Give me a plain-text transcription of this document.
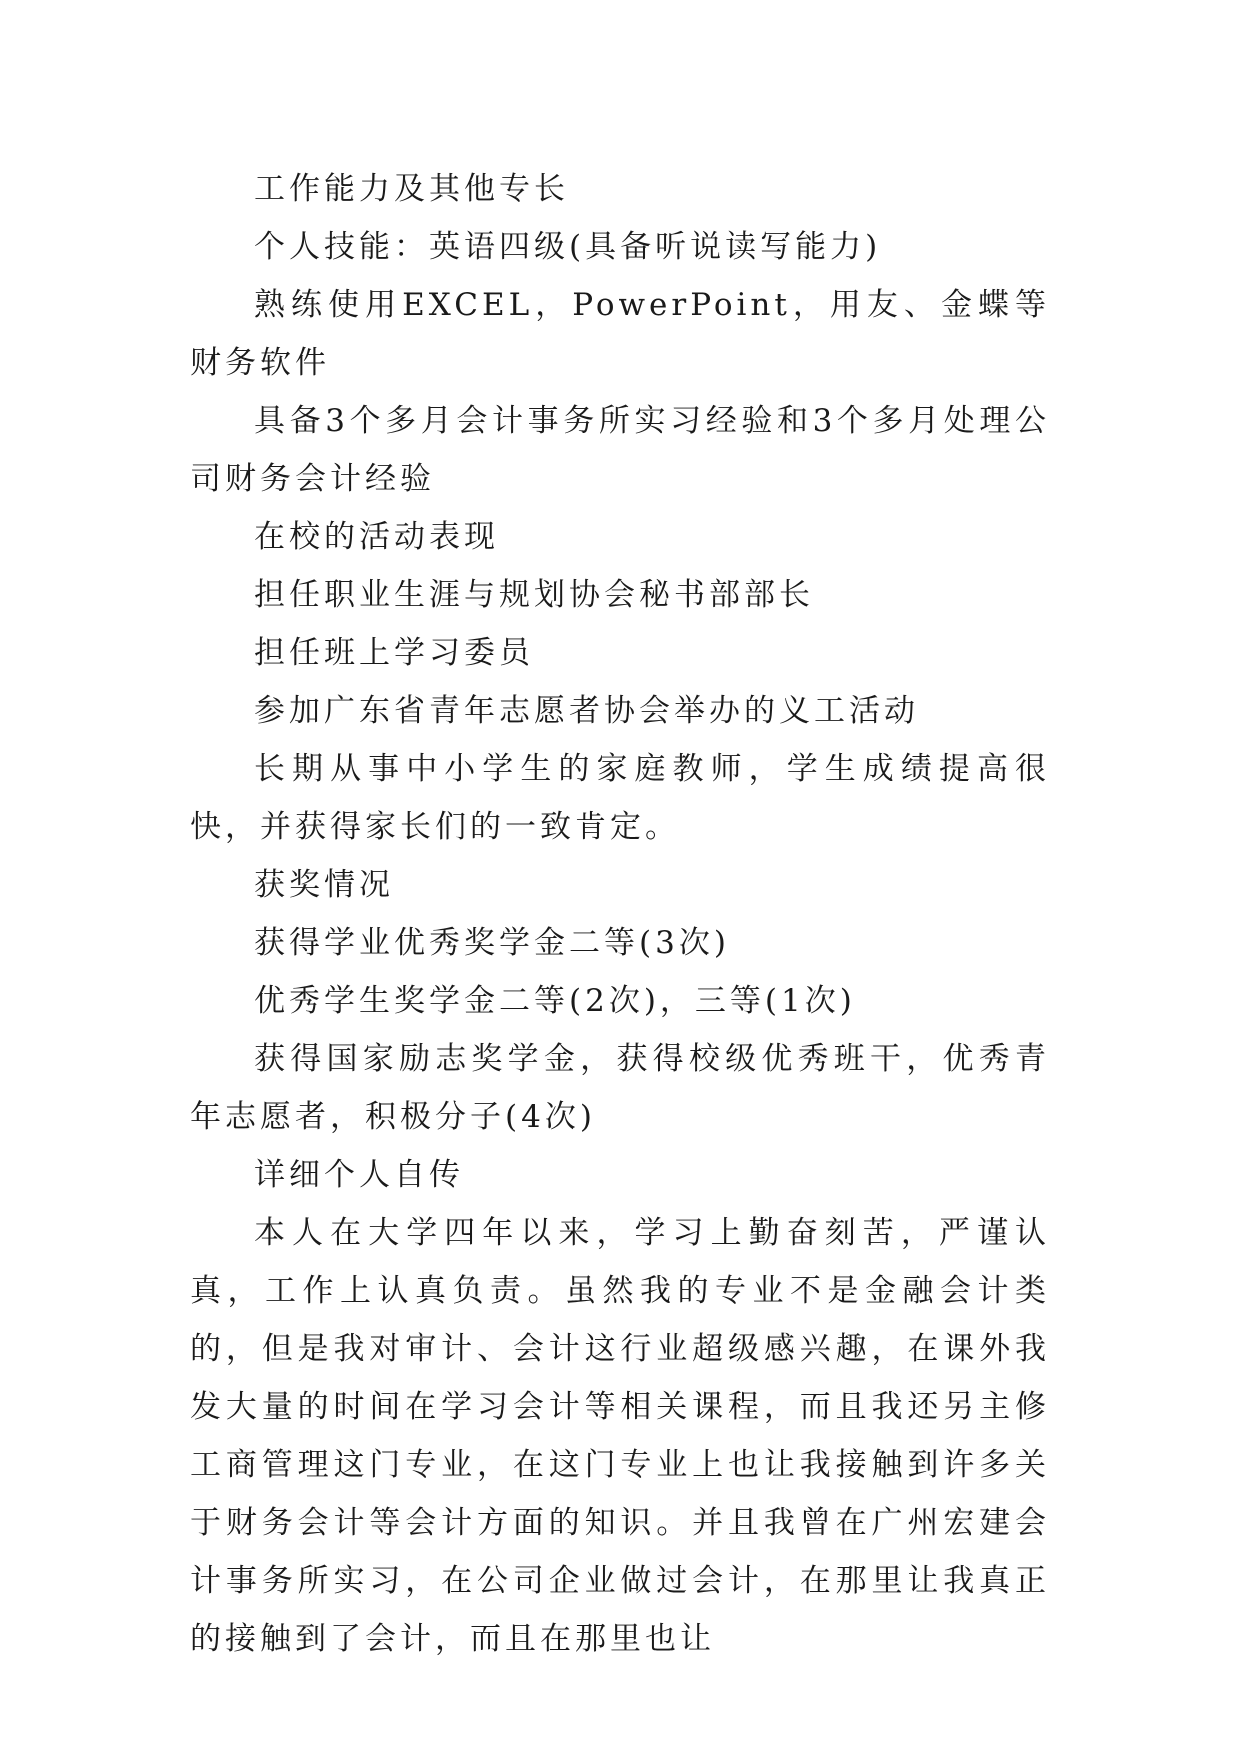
工作能力及其他专长

个人技能：英语四级(具备听说读写能力)

熟练使用EXCEL，PowerPoint，用友、金蝶等财务软件

具备3个多月会计事务所实习经验和3个多月处理公司财务会计经验

在校的活动表现

担任职业生涯与规划协会秘书部部长

担任班上学习委员

参加广东省青年志愿者协会举办的义工活动

长期从事中小学生的家庭教师，学生成绩提高很快，并获得家长们的一致肯定。

获奖情况

获得学业优秀奖学金二等(3次)

优秀学生奖学金二等(2次)，三等(1次)

获得国家励志奖学金，获得校级优秀班干，优秀青年志愿者，积极分子(4次)

详细个人自传

本人在大学四年以来，学习上勤奋刻苦，严谨认真，工作上认真负责。虽然我的专业不是金融会计类的，但是我对审计、会计这行业超级感兴趣，在课外我发大量的时间在学习会计等相关课程，而且我还另主修工商管理这门专业，在这门专业上也让我接触到许多关于财务会计等会计方面的知识。并且我曾在广州宏建会计事务所实习，在公司企业做过会计，在那里让我真正的接触到了会计，而且在那里也让
